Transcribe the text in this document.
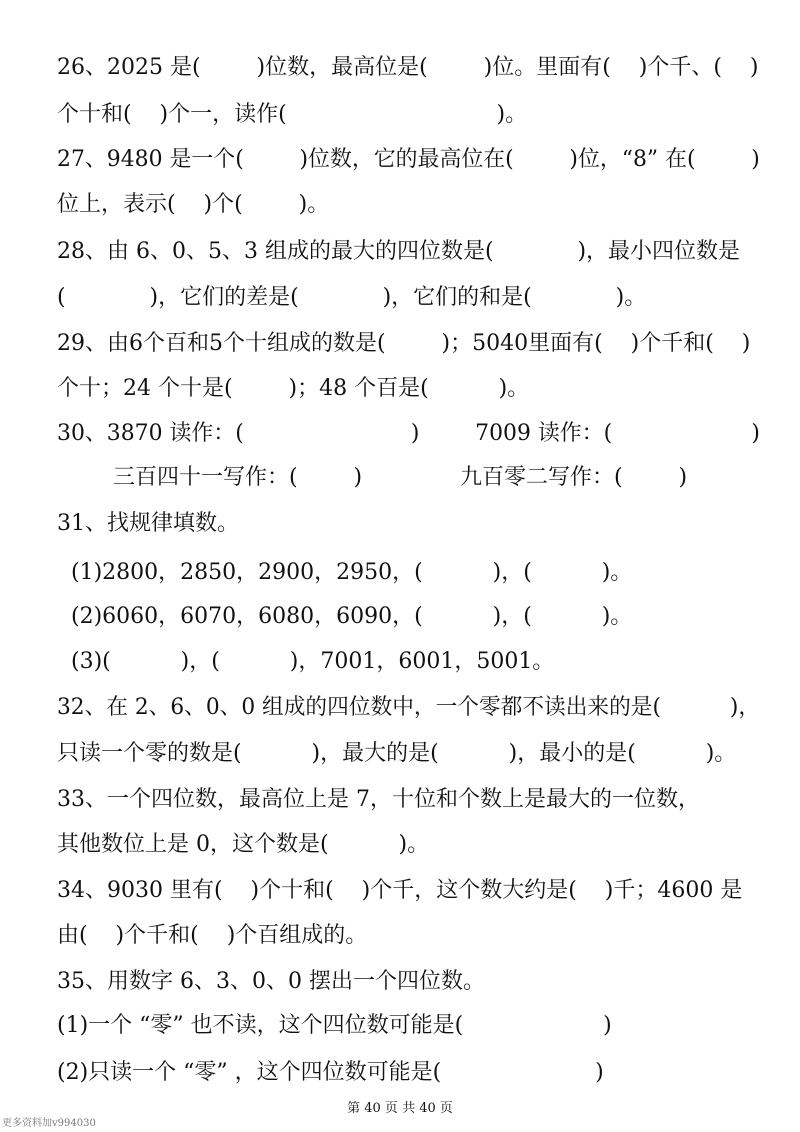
26、2025 是(        )位数，最高位是(        )位。里面有(    )个千、(    )
个十和(    )个一，读作(                              )。
27、9480 是一个(        )位数，它的最高位在(        )位，“8” 在(        )
位上，表示(    )个(        )。
28、由 6、0、5、3 组成的最大的四位数是(            )，最小四位数是
(            )，它们的差是(            )，它们的和是(            )。
29、由6个百和5个十组成的数是(        )；5040里面有(    )个千和(    )
个十；24 个十是(        )；48 个百是(          )。
30、3870 读作：(                        )        7009 读作：(                    )
三百四十一写作：(        )              九百零二写作：(        )
31、找规律填数。
(1)2800，2850，2900，2950，(          )，(          )。
(2)6060，6070，6080，6090，(          )，(          )。
(3)(          )，(          )，7001，6001，5001。
32、在 2、6、0、0 组成的四位数中，一个零都不读出来的是(          )，
只读一个零的数是(          )，最大的是(          )，最小的是(          )。
33、一个四位数，最高位上是 7，十位和个数上是最大的一位数，
其他数位上是 0，这个数是(          )。
34、9030 里有(    )个十和(    )个千，这个数大约是(    )千；4600 是
由(    )个千和(    )个百组成的。
35、用数字 6、3、0、0 摆出一个四位数。
(1)一个 “零” 也不读，这个四位数可能是(                    )
(2)只读一个 “零” ，这个四位数可能是(                      )
第 40 页 共 40 页
更多资料加v994030
